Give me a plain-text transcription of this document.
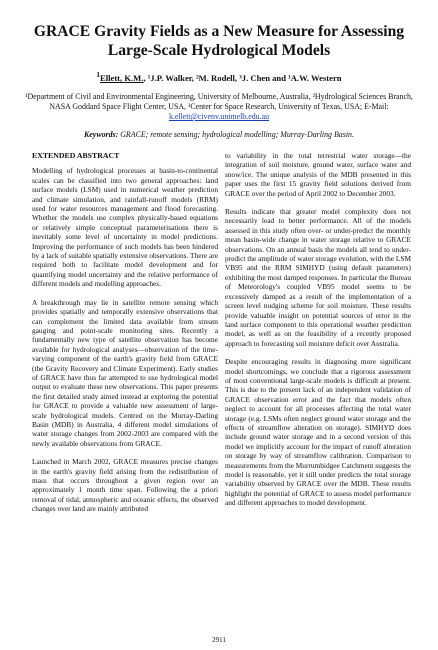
GRACE Gravity Fields as a New Measure for Assessing Large-Scale Hydrological Models
$^1$Ellett, K.M., ¹J.P. Walker, ²M. Rodell, ³J. Chen and ¹A.W. Western
¹Department of Civil and Environmental Engineering, University of Melbourne, Australia, ²Hydrological Sciences Branch, NASA Goddard Space Flight Center, USA, ³Center for Space Research, University of Texas, USA; E-Mail: k.ellett@civenv.unimelb.edu.au
Keywords: GRACE; remote sensing; hydrological modelling; Murray-Darling Basin.
EXTENDED ABSTRACT

Modelling of hydrological processes at basin-to-continental scales can be classified into two general approaches: land surface models (LSM) used in numerical weather prediction and climate simulation, and rainfall-runoff models (RRM) used for water resources management and flood forecasting. Whether the models use complex physically-based equations or relatively simple conceptual parameterisations there is inevitably some level of uncertainty in model predictions. Improving the performance of such models has been hindered by a lack of suitable spatially extensive observations. There are required both to facilitate model development and for quantifying model uncertainty and the relative performance of different models and modelling approaches.

A breakthrough may lie in satellite remote sensing which provides spatially and temporally extensive observations that can complement the limited data available from stream gauging and point-scale monitoring sites. Recently a fundamentally new type of satellite observation has become available for hydrological analyses—observation of the time-varying component of the earth's gravity field from GRACE (the Gravity Recovery and Climate Experiment). Early studies of GRACE have thus far attempted to use hydrological model output to evaluate these new observations. This paper presents the first detailed study aimed instead at exploring the potential for GRACE to provide a valuable new assessment of large-scale hydrological models. Centred on the Murray-Darling Basin (MDB) in Australia, 4 different model simulations of water storage changes from 2002-2003 are compared with the newly available observations from GRACE.

Launched in March 2002, GRACE measures precise changes in the earth's gravity field arising from the redistribution of mass that occurs throughout a given region over an approximately 1 month time span. Following the a priori removal of tidal, atmospheric and oceanic effects, the observed changes over land are mainly attributed

to variability in the total terrestrial water storage—the integration of soil moisture, ground water, surface water and snow/ice. The unique analysis of the MDB presented in this paper uses the first 15 gravity field solutions derived from GRACE over the period of April 2002 to December 2003.

Results indicate that greater model complexity does not necessarily lead to better performance. All of the models assessed in this study often over- or under-predict the monthly mean basin-wide change in water storage relative to GRACE observations. On an annual basis the models all tend to under-predict the amplitude of water storage evolution, with the LSM VB95 and the RRM SIMHYD (using default parameters) exhibiting the most damped responses. In particular the Bureau of Meteorology's coupled VB95 model seems to be excessively damped as a result of the implementation of a screen level nudging scheme for soil moisture. These results provide valuable insight on potential sources of error in the land surface component to this operational weather prediction model, as well as on the feasibility of a recently proposed approach to forecasting soil moisture deficit over Australia.

Despite encouraging results in diagnosing more significant model shortcomings, we conclude that a rigorous assessment of most conventional large-scale models is difficult at present. This is due to the present lack of an independent validation of GRACE observation error and the fact that models often neglect to account for all processes affecting the total water storage (e.g. LSMs often neglect ground water storage and the effects of streamflow alteration on storage). SIMHYD does include ground water storage and in a second version of this model we implicitly account for the impact of runoff alteration on storage by way of streamflow calibration. Comparison to measurements from the Murrumbidgee Catchment suggests the model is reasonable, yet it still under predicts the total storage variability observed by GRACE over the MDB. These results highlight the potential of GRACE to assess model performance and different approaches to model development.

2911
